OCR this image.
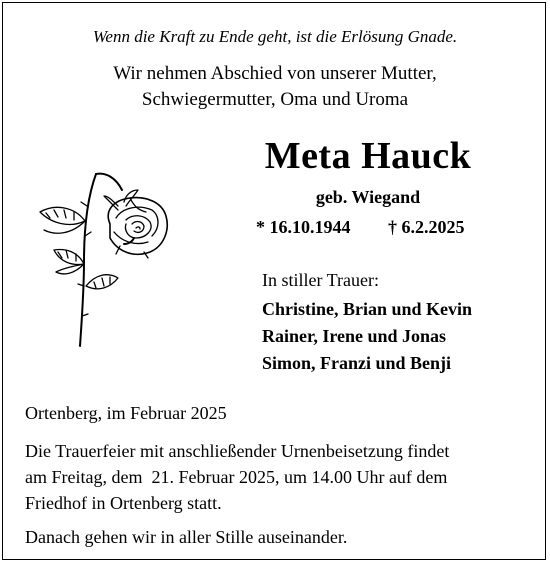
Wenn die Kraft zu Ende geht, ist die Erlösung Gnade.
Wir nehmen Abschied von unserer Mutter,
Schwiegermutter, Oma und Uroma
Meta Hauck
geb. Wiegand
* 16.10.1944 † 6.2.2025
In stiller Trauer:
Christine, Brian und Kevin
Rainer, Irene und Jonas
Simon, Franzi und Benji
Ortenberg, im Februar 2025
Die Trauerfeier mit anschließender Urnenbeisetzung findet
am Freitag, dem  21. Februar 2025, um 14.00 Uhr auf dem
Friedhof in Ortenberg statt.
Danach gehen wir in aller Stille auseinander.
